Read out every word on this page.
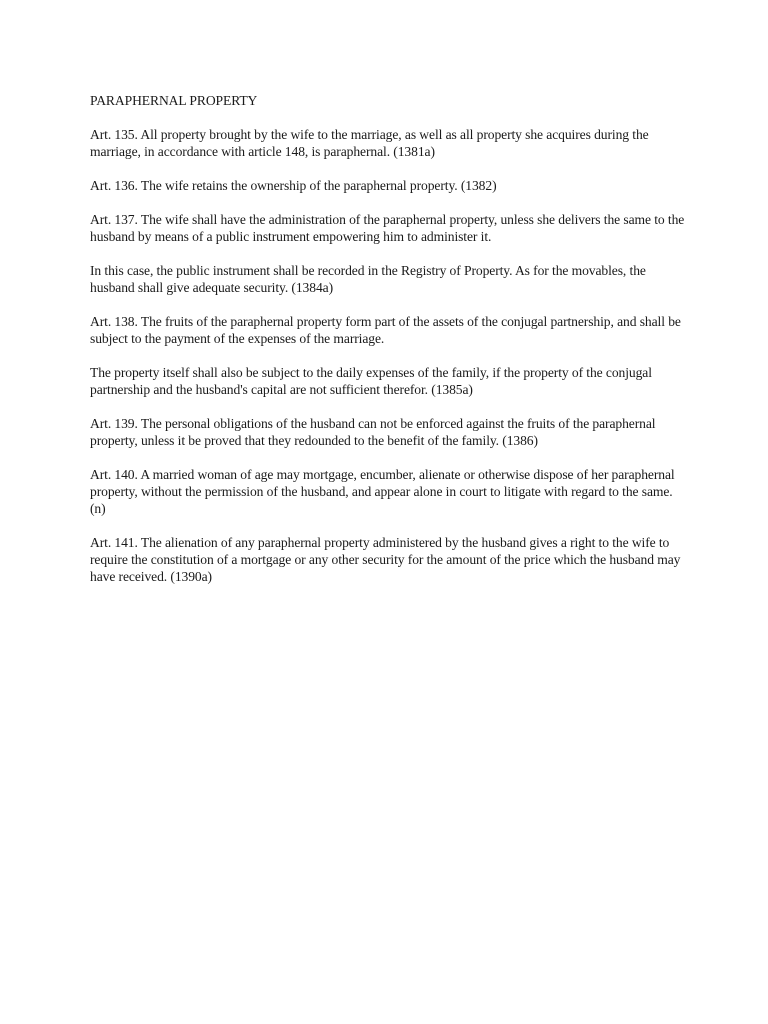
PARAPHERNAL PROPERTY

Art. 135. All property brought by the wife to the marriage, as well as all property she acquires during the marriage, in accordance with article 148, is paraphernal. (1381a)

Art. 136. The wife retains the ownership of the paraphernal property. (1382)

Art. 137. The wife shall have the administration of the paraphernal property, unless she delivers the same to the husband by means of a public instrument empowering him to administer it.

In this case, the public instrument shall be recorded in the Registry of Property. As for the movables, the husband shall give adequate security. (1384a)

Art. 138. The fruits of the paraphernal property form part of the assets of the conjugal partnership, and shall be subject to the payment of the expenses of the marriage.

The property itself shall also be subject to the daily expenses of the family, if the property of the conjugal partnership and the husband's capital are not sufficient therefor. (1385a)

Art. 139. The personal obligations of the husband can not be enforced against the fruits of the paraphernal property, unless it be proved that they redounded to the benefit of the family. (1386)

Art. 140. A married woman of age may mortgage, encumber, alienate or otherwise dispose of her paraphernal property, without the permission of the husband, and appear alone in court to litigate with regard to the same. (n)

Art. 141. The alienation of any paraphernal property administered by the husband gives a right to the wife to require the constitution of a mortgage or any other security for the amount of the price which the husband may have received. (1390a)
